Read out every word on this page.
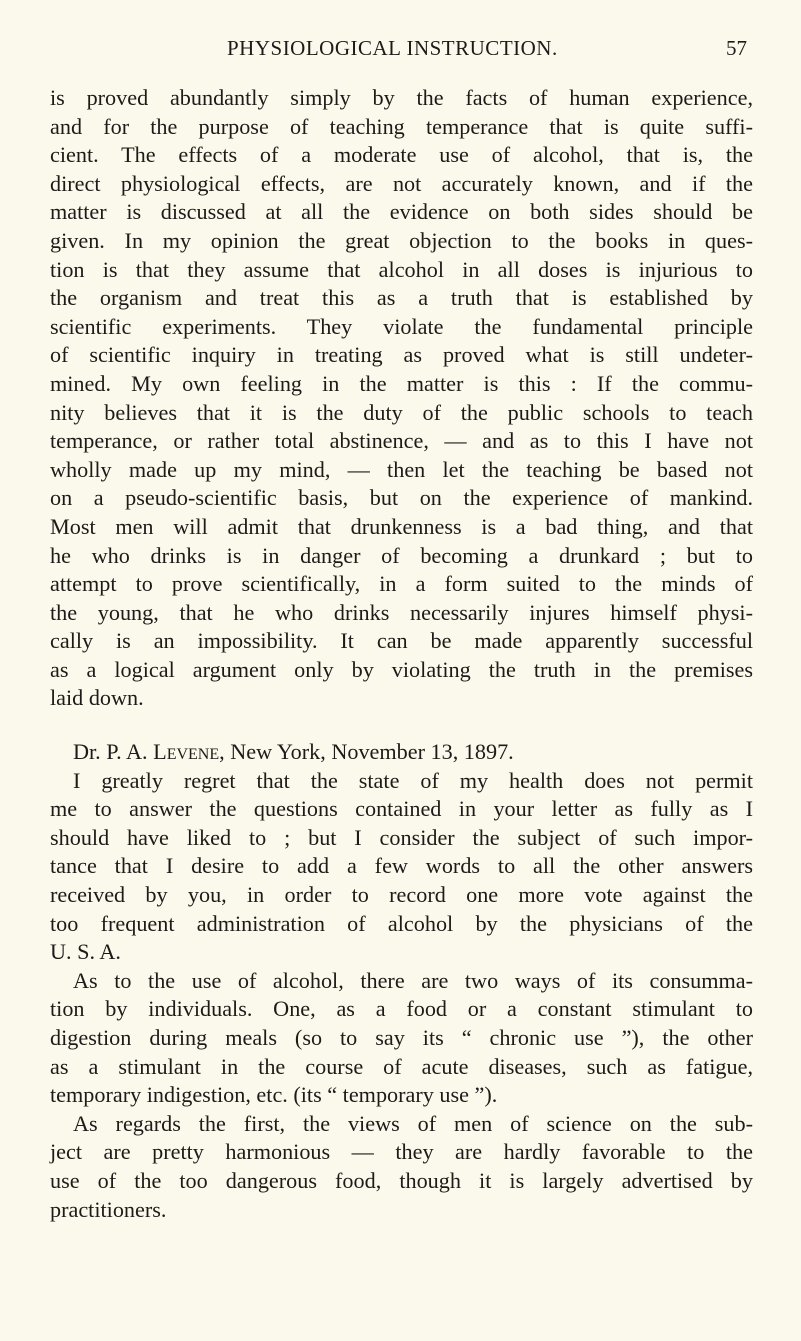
PHYSIOLOGICAL INSTRUCTION.	57
is proved abundantly simply by the facts of human experience,
and for the purpose of teaching temperance that is quite suffi-
cient. The effects of a moderate use of alcohol, that is, the
direct physiological effects, are not accurately known, and if the
matter is discussed at all the evidence on both sides should be
given. In my opinion the great objection to the books in ques-
tion is that they assume that alcohol in all doses is injurious to
the organism and treat this as a truth that is established by
scientific experiments. They violate the fundamental principle
of scientific inquiry in treating as proved what is still undeter-
mined. My own feeling in the matter is this : If the commu-
nity believes that it is the duty of the public schools to teach
temperance, or rather total abstinence, — and as to this I have not
wholly made up my mind, — then let the teaching be based not
on a pseudo-scientific basis, but on the experience of mankind.
Most men will admit that drunkenness is a bad thing, and that
he who drinks is in danger of becoming a drunkard ; but to
attempt to prove scientifically, in a form suited to the minds of
the young, that he who drinks necessarily injures himself physi-
cally is an impossibility. It can be made apparently successful
as a logical argument only by violating the truth in the premises
laid down.
Dr. P. A. Levene, New York, November 13, 1897.
I greatly regret that the state of my health does not permit
me to answer the questions contained in your letter as fully as I
should have liked to ; but I consider the subject of such impor-
tance that I desire to add a few words to all the other answers
received by you, in order to record one more vote against the
too frequent administration of alcohol by the physicians of the
U. S. A.
As to the use of alcohol, there are two ways of its consumma-
tion by individuals. One, as a food or a constant stimulant to
digestion during meals (so to say its “ chronic use ”), the other
as a stimulant in the course of acute diseases, such as fatigue,
temporary indigestion, etc. (its “ temporary use ”).
As regards the first, the views of men of science on the sub-
ject are pretty harmonious — they are hardly favorable to the
use of the too dangerous food, though it is largely advertised by
practitioners.
